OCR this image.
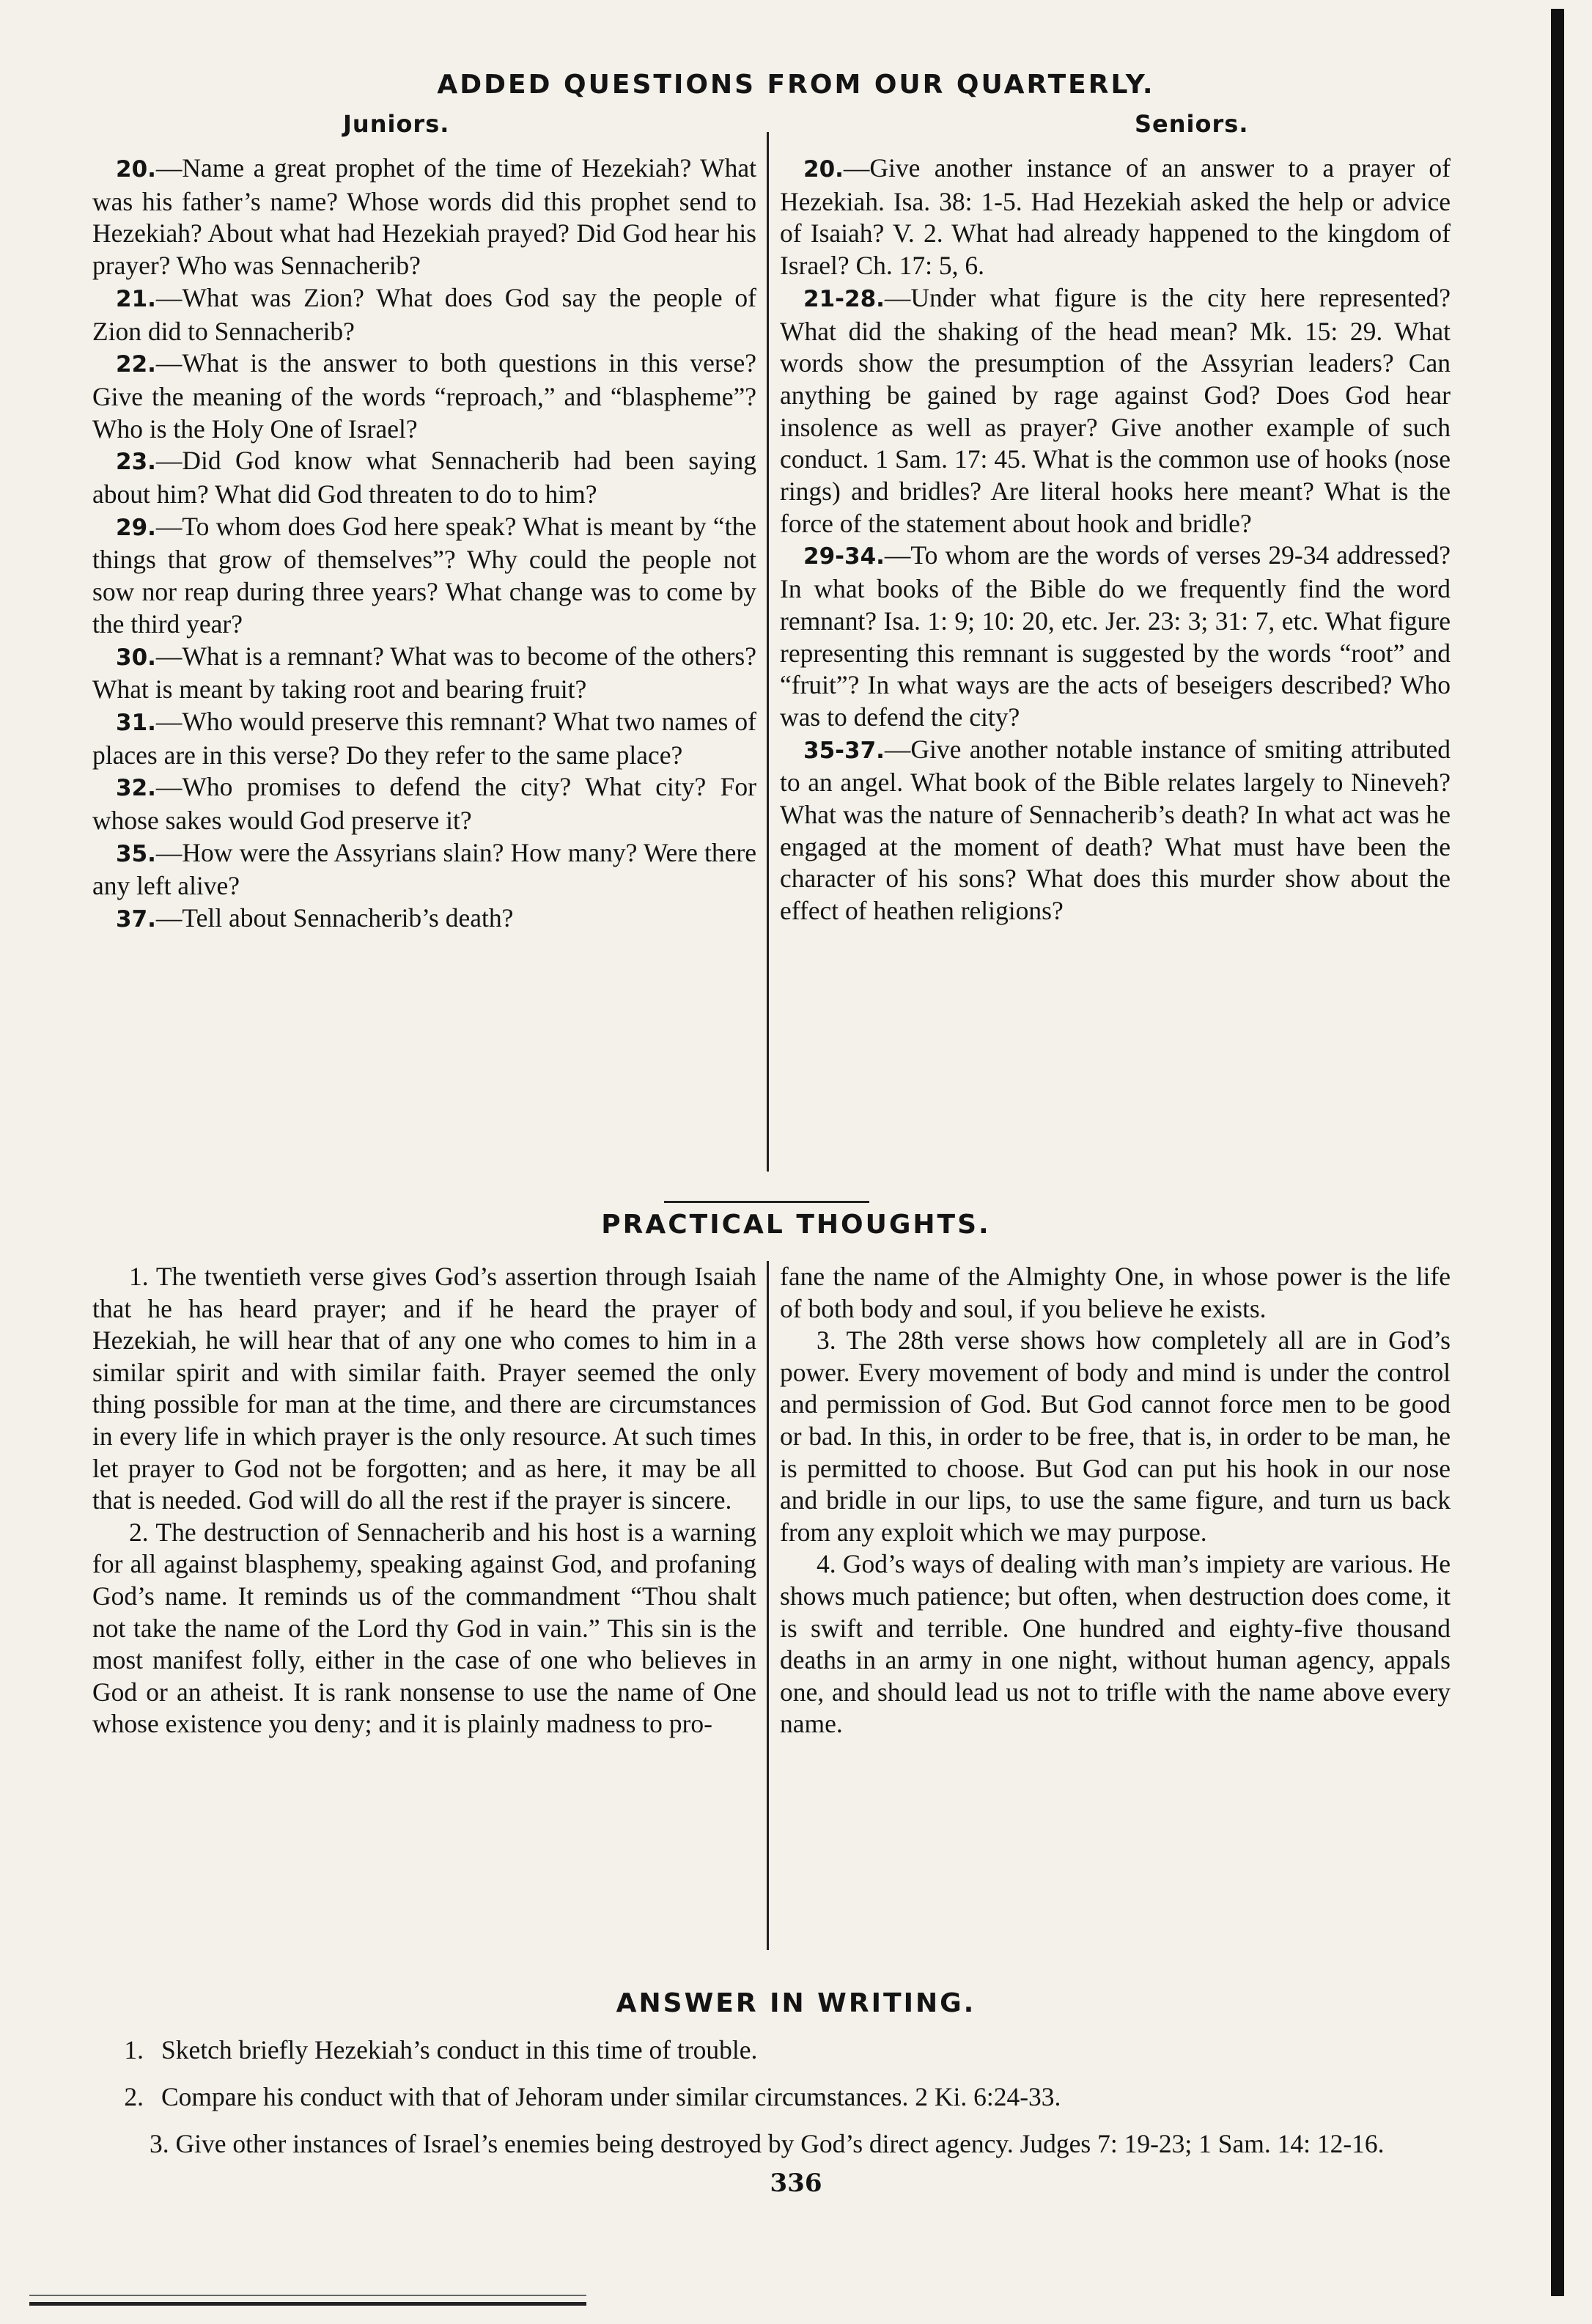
ADDED QUESTIONS FROM OUR QUARTERLY.
Juniors.	Seniors.

20.—Name a great prophet of the time of Hezekiah? What was his father’s name? Whose words did this prophet send to Hezekiah? About what had Hezekiah prayed? Did God hear his prayer? Who was Sennacherib?

21.—What was Zion? What does God say the people of Zion did to Sennacherib?

22.—What is the answer to both questions in this verse? Give the meaning of the words “reproach,” and “blaspheme”? Who is the Holy One of Israel?

23.—Did God know what Sennacherib had been saying about him? What did God threaten to do to him?

29.—To whom does God here speak? What is meant by “the things that grow of themselves”? Why could the people not sow nor reap during three years? What change was to come by the third year?

30.—What is a remnant? What was to become of the others? What is meant by taking root and bearing fruit?

31.—Who would preserve this remnant? What two names of places are in this verse? Do they refer to the same place?

32.—Who promises to defend the city? What city? For whose sakes would God preserve it?

35.—How were the Assyrians slain? How many? Were there any left alive?

37.—Tell about Sennacherib’s death?

20.—Give another instance of an answer to a prayer of Hezekiah. Isa. 38: 1-5. Had Hezekiah asked the help or advice of Isaiah? V. 2. What had already happened to the kingdom of Israel? Ch. 17: 5, 6.

21-28.—Under what figure is the city here represented? What did the shaking of the head mean? Mk. 15: 29. What words show the presumption of the Assyrian leaders? Can anything be gained by rage against God? Does God hear insolence as well as prayer? Give another example of such conduct. 1 Sam. 17: 45. What is the common use of hooks (nose rings) and bridles? Are literal hooks here meant? What is the force of the statement about hook and bridle?

29-34.—To whom are the words of verses 29-34 addressed? In what books of the Bible do we frequently find the word remnant? Isa. 1: 9; 10: 20, etc. Jer. 23: 3; 31: 7, etc. What figure representing this remnant is suggested by the words “root” and “fruit”? In what ways are the acts of beseigers described? Who was to defend the city?

35-37.—Give another notable instance of smiting attributed to an angel. What book of the Bible relates largely to Nineveh? What was the nature of Sennacherib’s death? In what act was he engaged at the moment of death? What must have been the character of his sons? What does this murder show about the effect of heathen religions?

PRACTICAL THOUGHTS.

1. The twentieth verse gives God’s assertion through Isaiah that he has heard prayer; and if he heard the prayer of Hezekiah, he will hear that of any one who comes to him in a similar spirit and with similar faith. Prayer seemed the only thing possible for man at the time, and there are circumstances in every life in which prayer is the only resource. At such times let prayer to God not be forgotten; and as here, it may be all that is needed. God will do all the rest if the prayer is sincere.

2. The destruction of Sennacherib and his host is a warning for all against blasphemy, speaking against God, and profaning God’s name. It reminds us of the commandment “Thou shalt not take the name of the Lord thy God in vain.” This sin is the most manifest folly, either in the case of one who believes in God or an atheist. It is rank nonsense to use the name of One whose existence you deny; and it is plainly madness to pro-

fane the name of the Almighty One, in whose power is the life of both body and soul, if you believe he exists.

3. The 28th verse shows how completely all are in God’s power. Every movement of body and mind is under the control and permission of God. But God cannot force men to be good or bad. In this, in order to be free, that is, in order to be man, he is permitted to choose. But God can put his hook in our nose and bridle in our lips, to use the same figure, and turn us back from any exploit which we may purpose.

4. God’s ways of dealing with man’s impiety are various. He shows much patience; but often, when destruction does come, it is swift and terrible. One hundred and eighty-five thousand deaths in an army in one night, without human agency, appals one, and should lead us not to trifle with the name above every name.

ANSWER IN WRITING.

1. Sketch briefly Hezekiah’s conduct in this time of trouble.

2. Compare his conduct with that of Jehoram under similar circumstances. 2 Ki. 6:24-33.

3. Give other instances of Israel’s enemies being destroyed by God’s direct agency. Judges 7: 19-23; 1 Sam. 14: 12-16.

336
